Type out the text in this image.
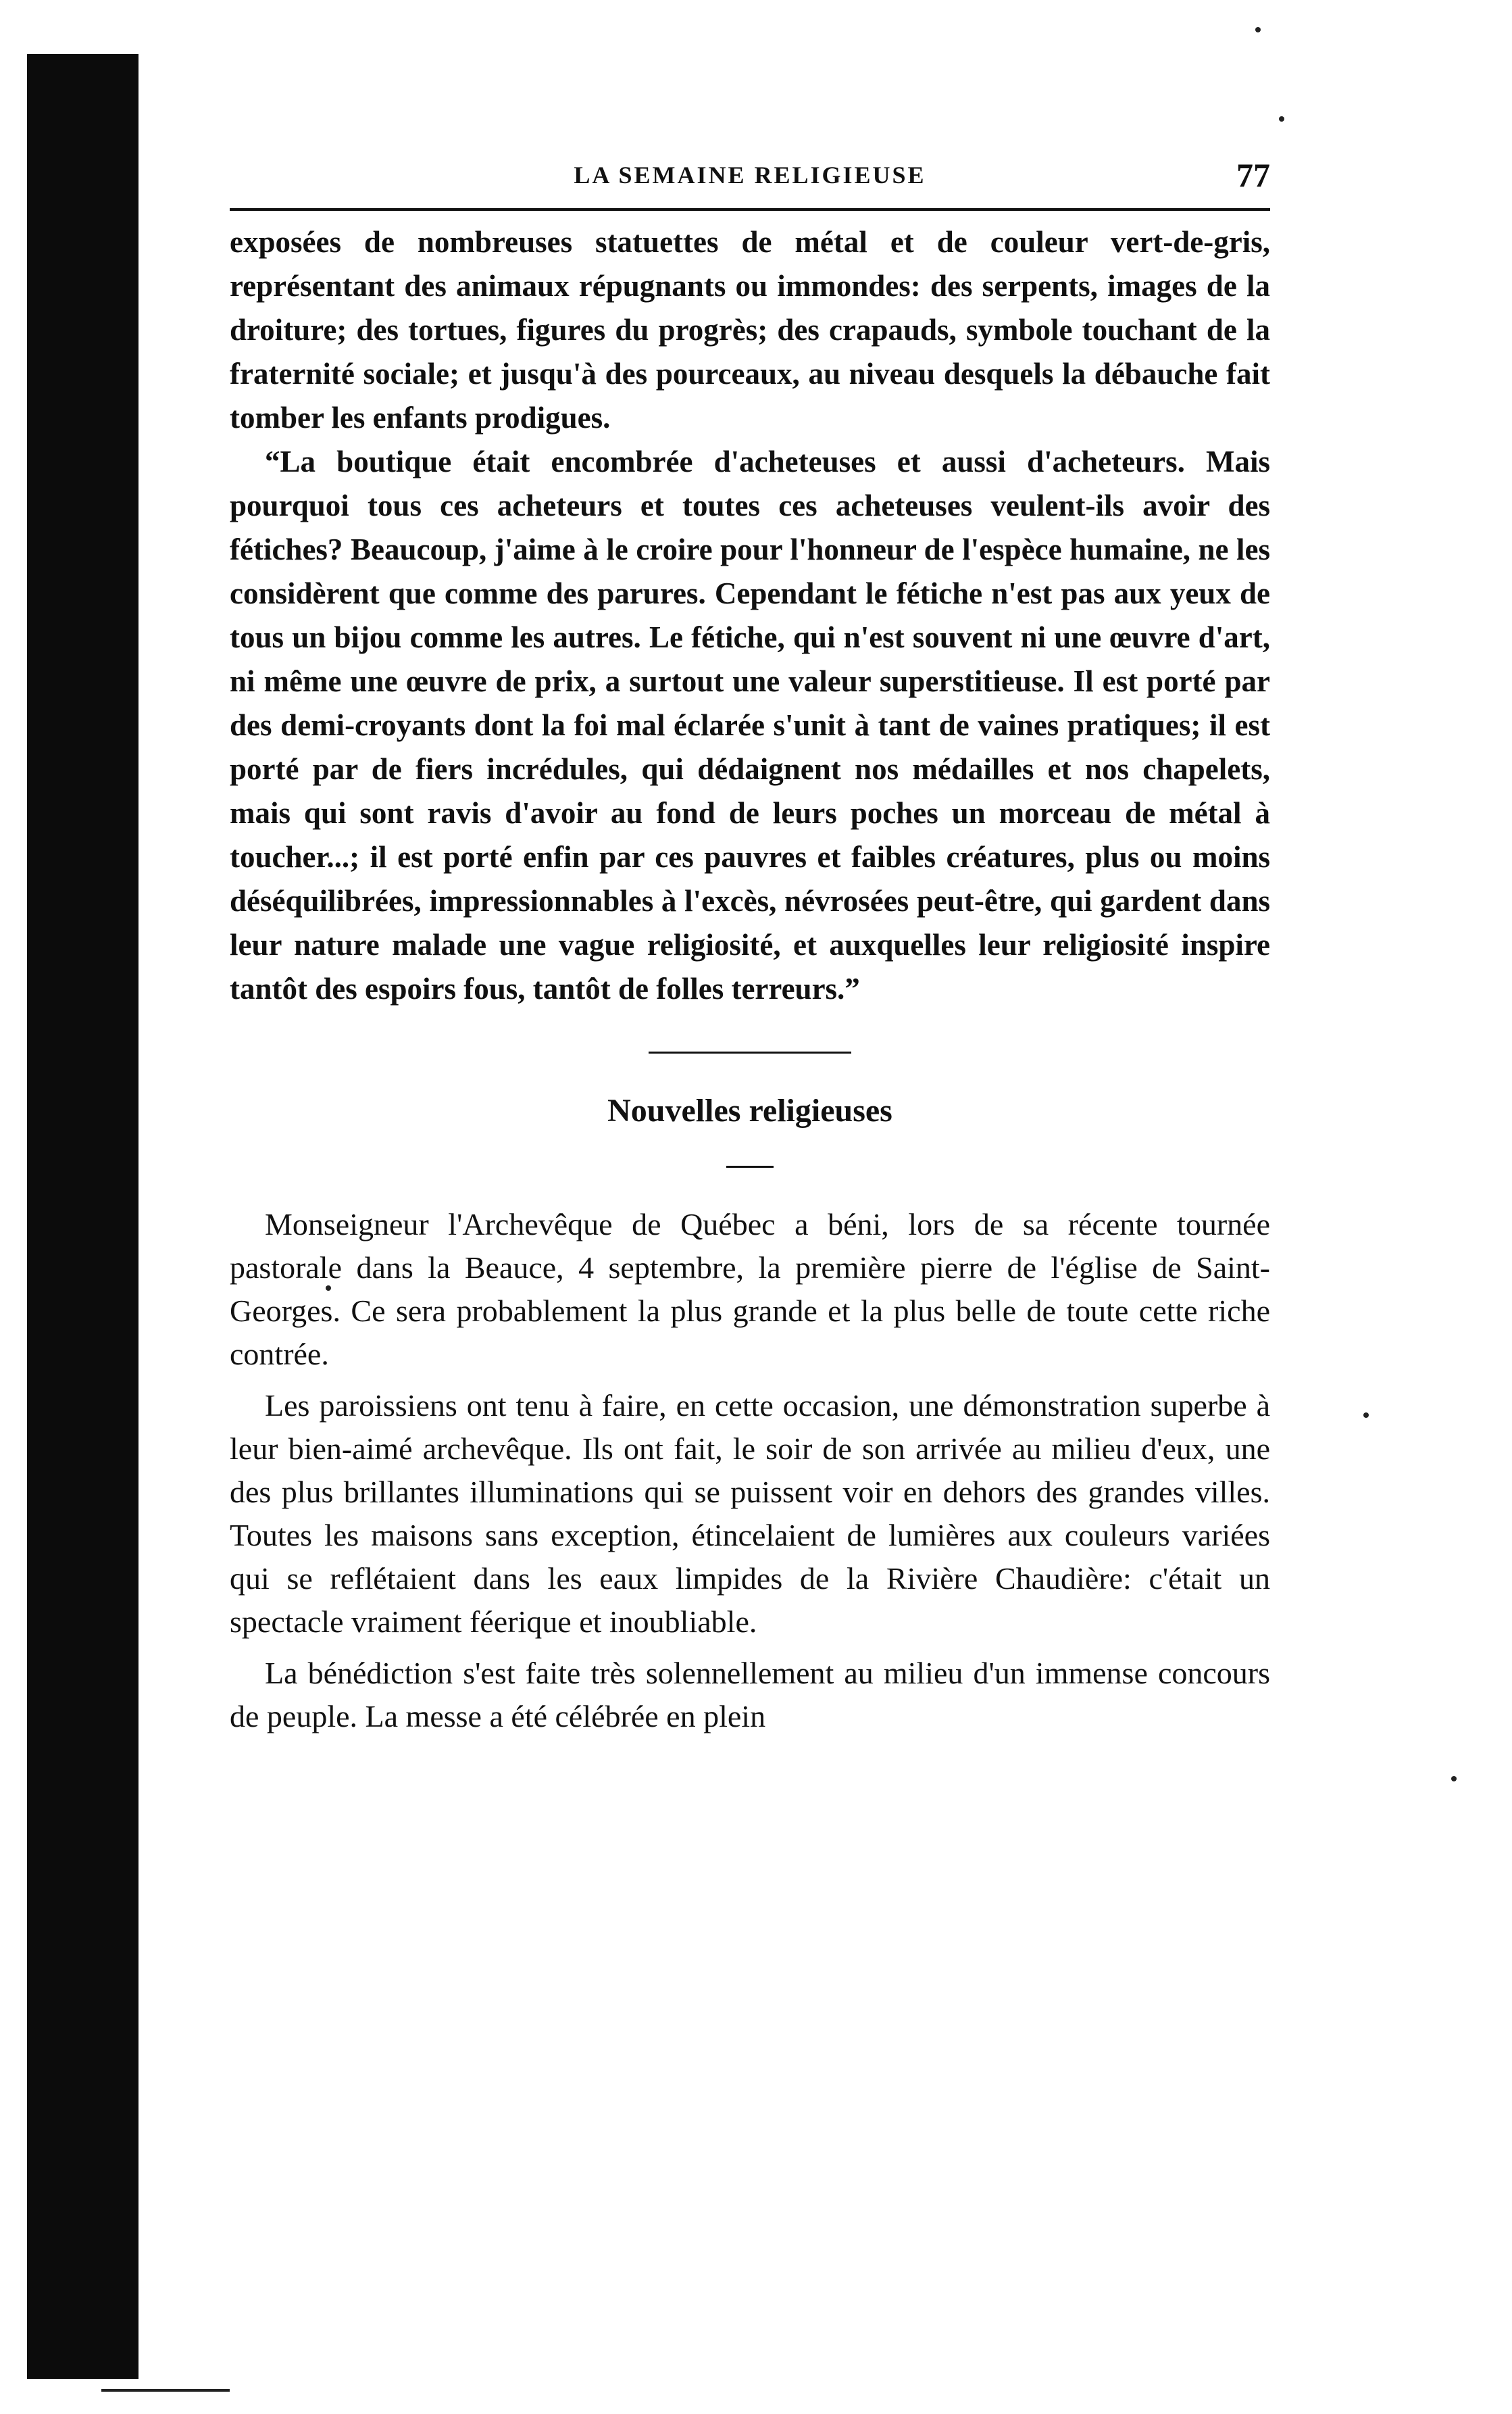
LA SEMAINE RELIGIEUSE	77

exposées de nombreuses statuettes de métal et de couleur vert-de-gris, représentant des animaux répugnants ou immondes: des serpents, images de la droiture; des tortues, figures du progrès; des crapauds, symbole touchant de la fraternité sociale; et jusqu'à des pourceaux, au niveau desquels la débauche fait tomber les enfants prodigues.

“La boutique était encombrée d'acheteuses et aussi d'acheteurs. Mais pourquoi tous ces acheteurs et toutes ces acheteuses veulent-ils avoir des fétiches? Beaucoup, j'aime à le croire pour l'honneur de l'espèce humaine, ne les considèrent que comme des parures. Cependant le fétiche n'est pas aux yeux de tous un bijou comme les autres. Le fétiche, qui n'est souvent ni une œuvre d'art, ni même une œuvre de prix, a surtout une valeur superstitieuse. Il est porté par des demi-croyants dont la foi mal éclarée s'unit à tant de vaines pratiques; il est porté par de fiers incrédules, qui dédaignent nos médailles et nos chapelets, mais qui sont ravis d'avoir au fond de leurs poches un morceau de métal à toucher...; il est porté enfin par ces pauvres et faibles créatures, plus ou moins déséquilibrées, impressionnables à l'excès, névrosées peut-être, qui gardent dans leur nature malade une vague religiosité, et auxquelles leur religiosité inspire tantôt des espoirs fous, tantôt de folles terreurs.”

Nouvelles religieuses

Monseigneur l'Archevêque de Québec a béni, lors de sa récente tournée pastorale dans la Beauce, 4 septembre, la première pierre de l'église de Saint-Georges. Ce sera probablement la plus grande et la plus belle de toute cette riche contrée.

Les paroissiens ont tenu à faire, en cette occasion, une démonstration superbe à leur bien-aimé archevêque. Ils ont fait, le soir de son arrivée au milieu d'eux, une des plus brillantes illuminations qui se puissent voir en dehors des grandes villes. Toutes les maisons sans exception, étincelaient de lumières aux couleurs variées qui se reflétaient dans les eaux limpides de la Rivière Chaudière: c'était un spectacle vraiment féerique et inoubliable.

La bénédiction s'est faite très solennellement au milieu d'un immense concours de peuple. La messe a été célébrée en plein
